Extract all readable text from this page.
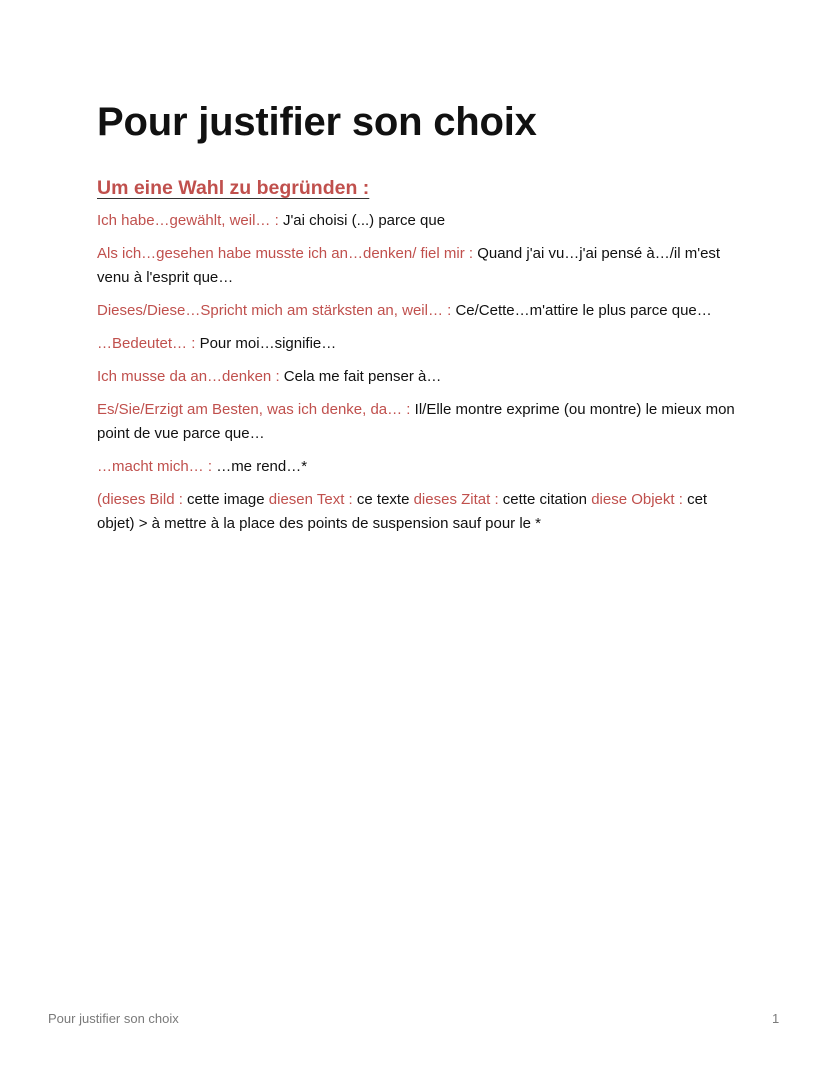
Pour justifier son choix
Um eine Wahl zu begründen :

Ich habe…gewählt, weil… : J'ai choisi (...) parce que

Als ich…gesehen habe musste ich an…denken/ fiel mir : Quand j'ai vu…j'ai pensé à…/il m'est venu à l'esprit que…

Dieses/Diese…Spricht mich am stärksten an, weil… : Ce/Cette…m'attire le plus parce que…

…Bedeutet… : Pour moi…signifie…

Ich musse da an…denken : Cela me fait penser à…

Es/Sie/Erzigt am Besten, was ich denke, da… : Il/Elle montre exprime (ou montre) le mieux mon point de vue parce que…

…macht mich… : …me rend…*

(dieses Bild : cette image diesen Text : ce texte dieses Zitat : cette citation diese Objekt : cet objet) > à mettre à la place des points de suspension sauf pour le *

Pour justifier son choix	1
